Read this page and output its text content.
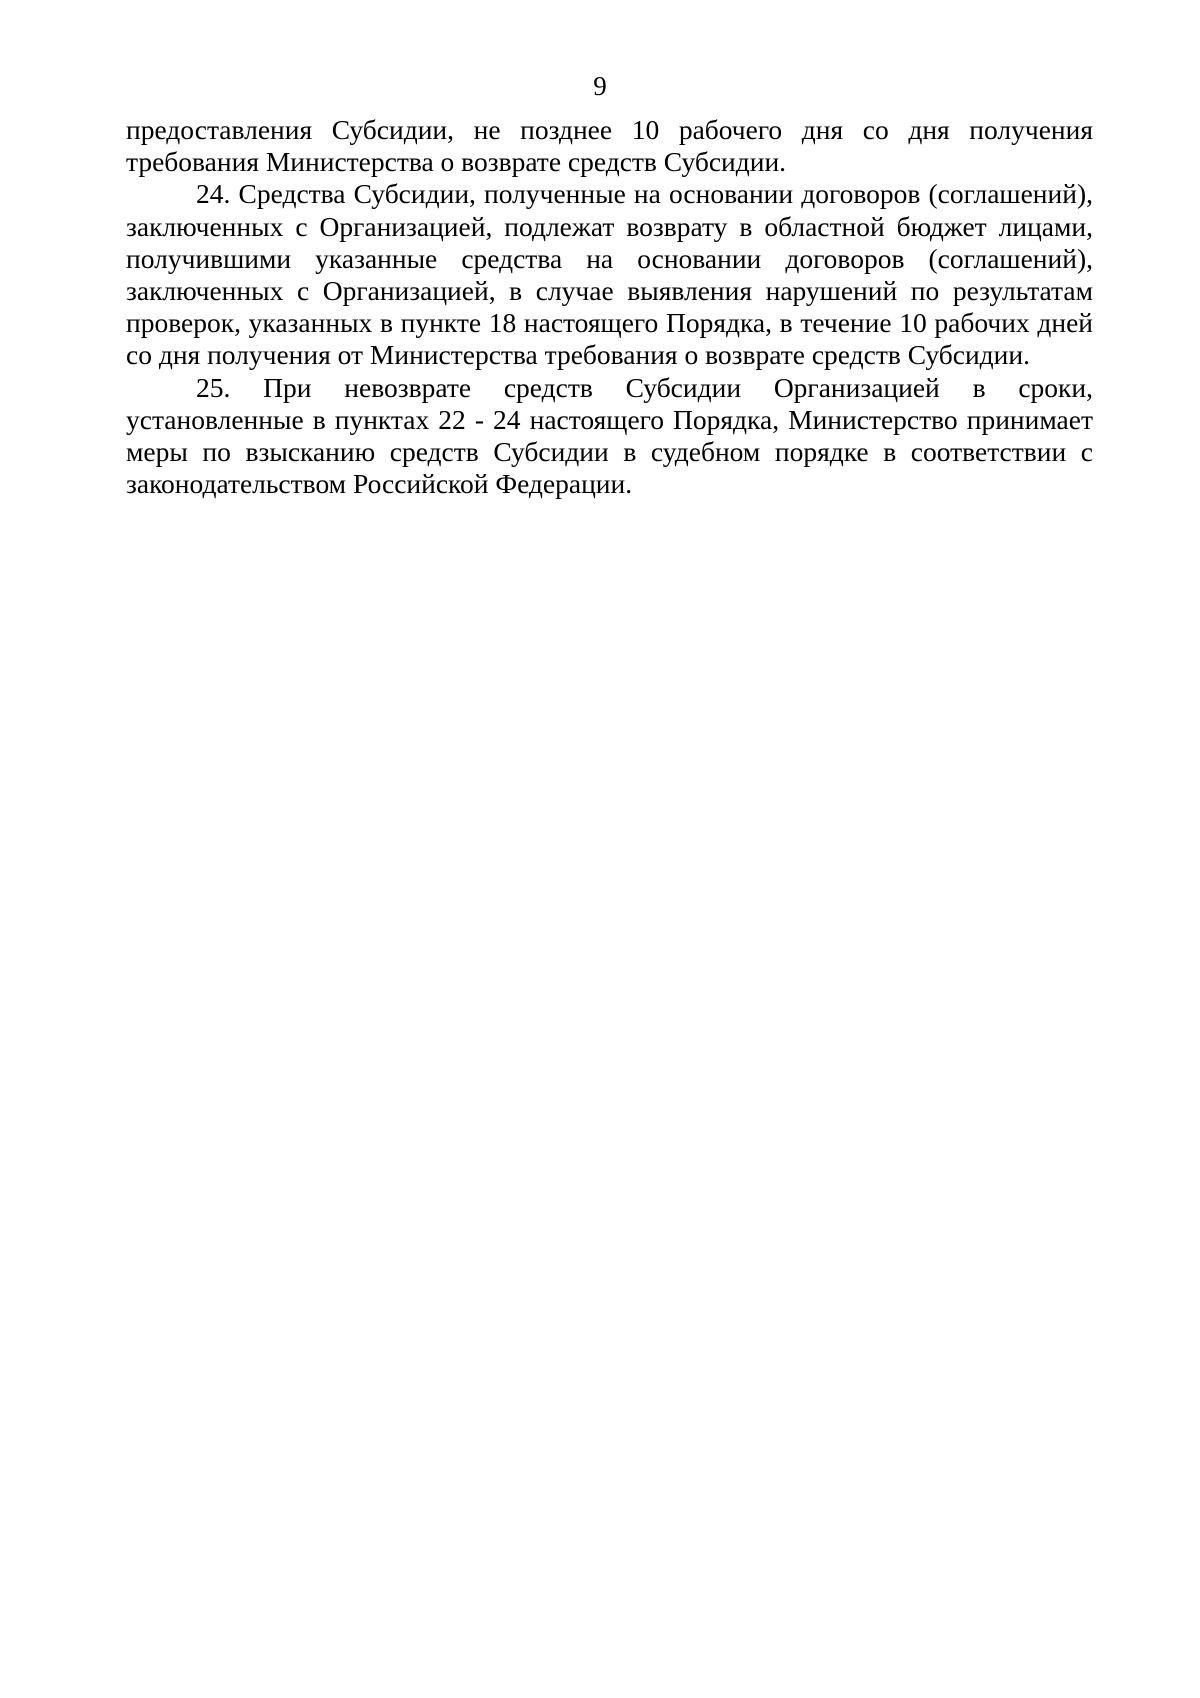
9

предоставления Субсидии, не позднее 10 рабочего дня со дня получения требования Министерства о возврате средств Субсидии.

24. Средства Субсидии, полученные на основании договоров (соглашений), заключенных с Организацией, подлежат возврату в областной бюджет лицами, получившими указанные средства на основании договоров (соглашений), заключенных с Организацией, в случае выявления нарушений по результатам проверок, указанных в пункте 18 настоящего Порядка, в течение 10 рабочих дней со дня получения от Министерства требования о возврате средств Субсидии.

25. При невозврате средств Субсидии Организацией в сроки, установленные в пунктах 22 - 24 настоящего Порядка, Министерство принимает меры по взысканию средств Субсидии в судебном порядке в соответствии с законодательством Российской Федерации.
